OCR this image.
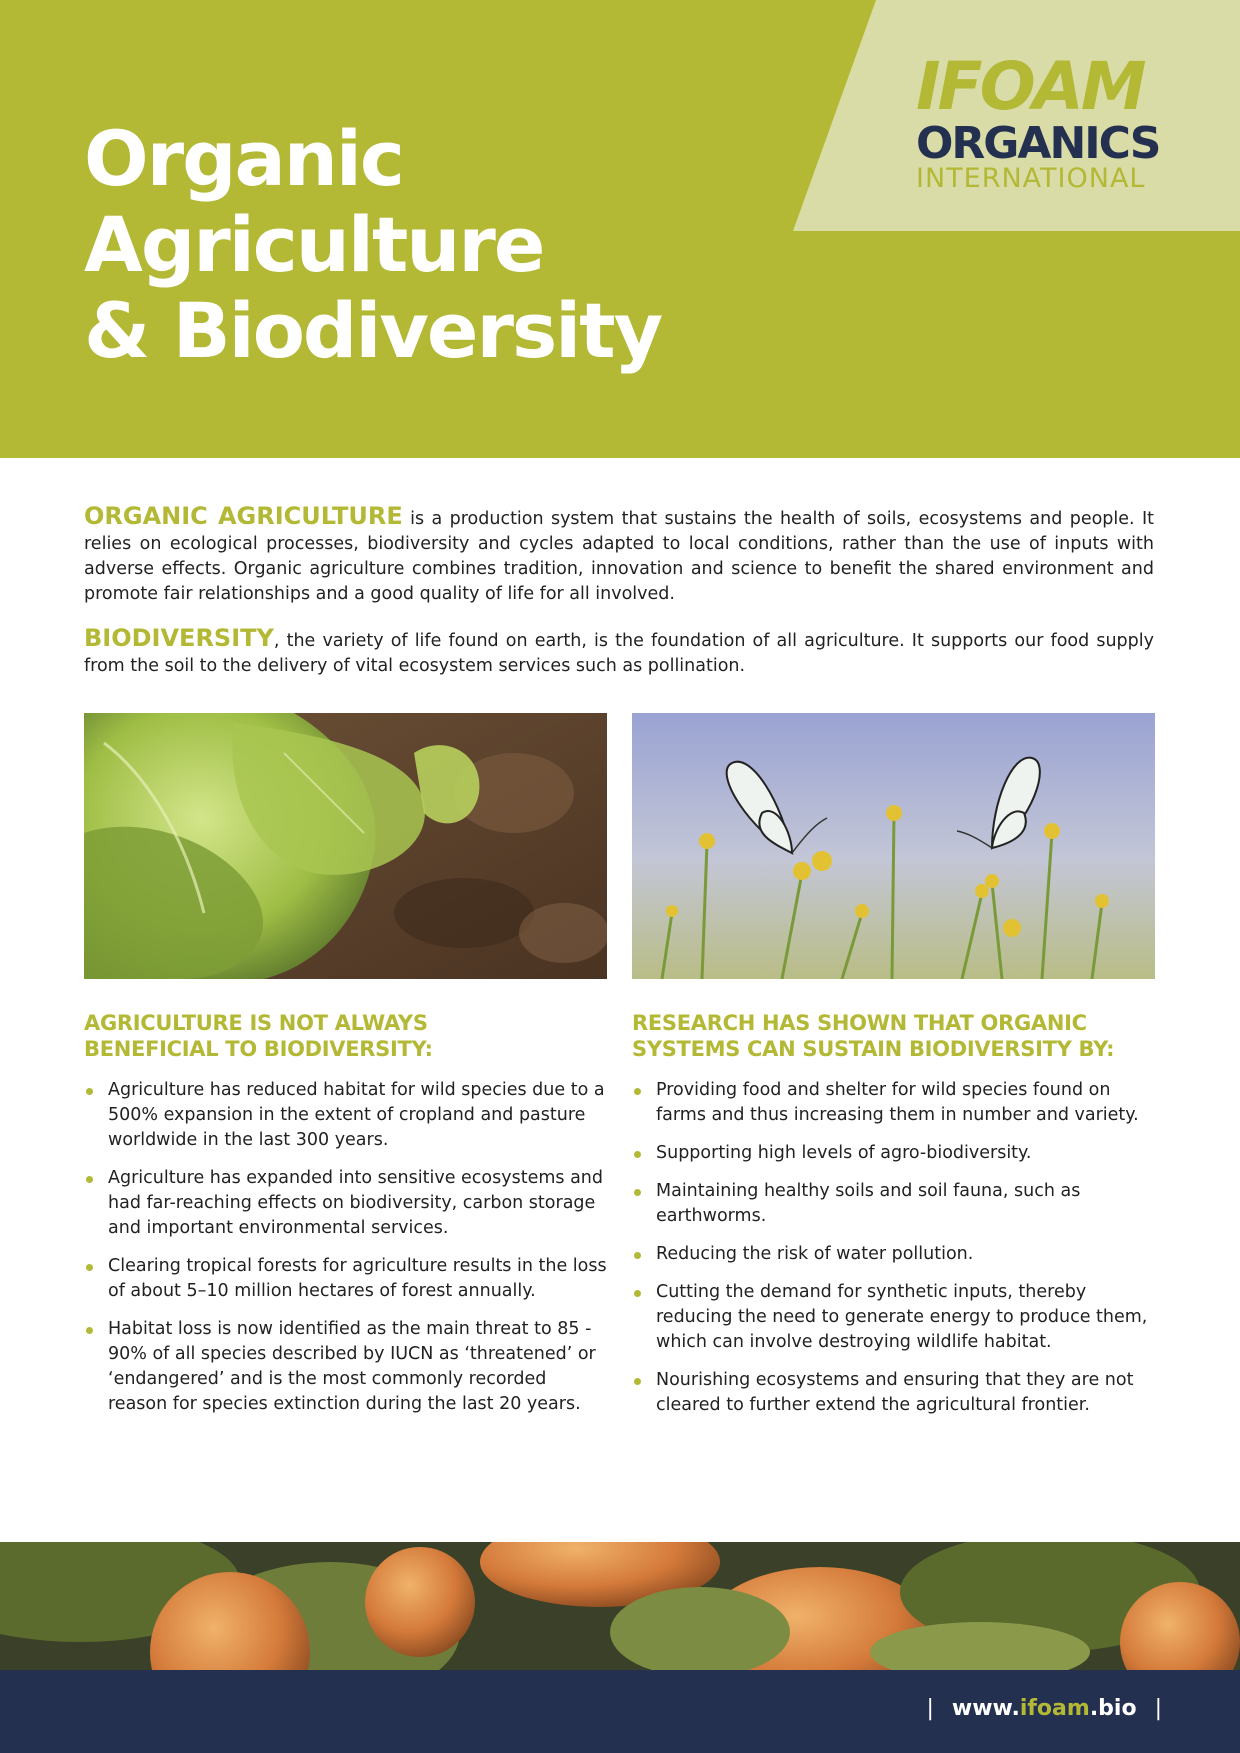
Organic
Agriculture
& Biodiversity
IFOAM
ORGANICS
INTERNATIONAL

ORGANIC AGRICULTURE is a production system that sustains the health of soils, ecosystems and people. It relies on ecological processes, biodiversity and cycles adapted to local conditions, rather than the use of inputs with adverse effects. Organic agriculture combines tradition, innovation and science to benefit the shared environment and promote fair relationships and a good quality of life for all involved.

BIODIVERSITY, the variety of life found on earth, is the foundation of all agriculture. It supports our food supply from the soil to the delivery of vital ecosystem services such as pollination.

AGRICULTURE IS NOT ALWAYS
BENEFICIAL TO BIODIVERSITY:
Agriculture has reduced habitat for wild species due to a 500% expansion in the extent of cropland and pasture worldwide in the last 300 years.
Agriculture has expanded into sensitive ecosystems and had far-reaching effects on biodiversity, carbon storage and important environmental services.
Clearing tropical forests for agriculture results in the loss of about 5–10 million hectares of forest annually.
Habitat loss is now identified as the main threat to 85 - 90% of all species described by IUCN as ‘threatened’ or ‘endangered’ and is the most commonly recorded reason for species extinction during the last 20 years.
RESEARCH HAS SHOWN THAT ORGANIC
SYSTEMS CAN SUSTAIN BIODIVERSITY BY:
Providing food and shelter for wild species found on farms and thus increasing them in number and variety.
Supporting high levels of agro-biodiversity.
Maintaining healthy soils and soil fauna, such as earthworms.
Reducing the risk of water pollution.
Cutting the demand for synthetic inputs, thereby reducing the need to generate energy to produce them, which can involve destroying wildlife habitat.
Nourishing ecosystems and ensuring that they are not cleared to further extend the agricultural frontier.
| www.ifoam.bio |
